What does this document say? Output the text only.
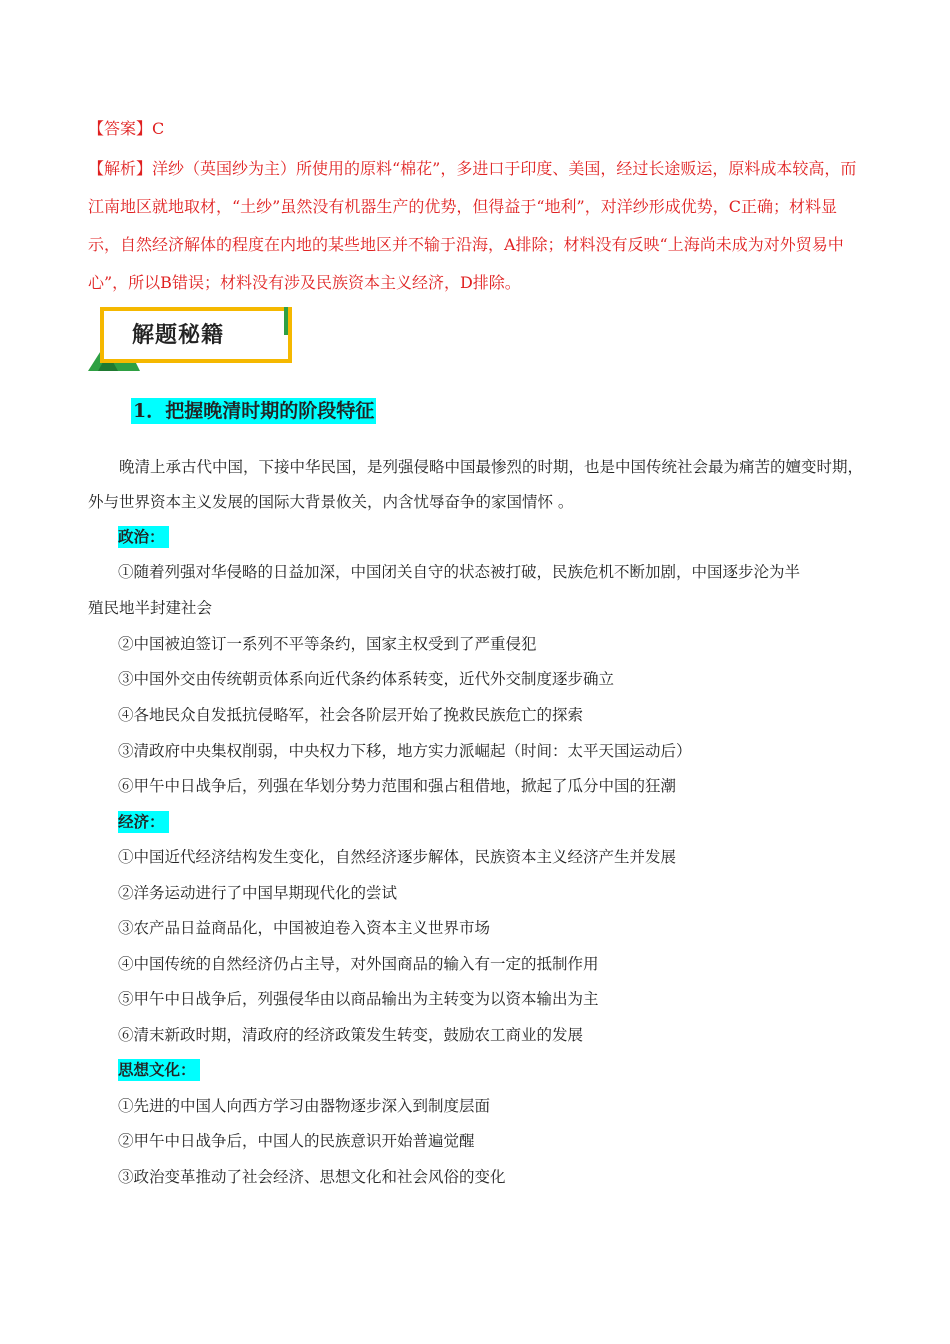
【答案】C

【解析】洋纱（英国纱为主）所使用的原料“棉花”，多进口于印度、美国，经过长途贩运，原料成本较高，而江南地区就地取材，“土纱”虽然没有机器生产的优势，但得益于“地利”，对洋纱形成优势，C正确；材料显示，自然经济解体的程度在内地的某些地区并不输于沿海，A排除；材料没有反映“上海尚未成为对外贸易中心”，所以B错误；材料没有涉及民族资本主义经济，D排除。

解题秘籍
1．把握晚清时期的阶段特征

晚清上承古代中国，下接中华民国，是列强侵略中国最惨烈的时期，也是中国传统社会最为痛苦的嬗变时期，外与世界资本主义发展的国际大背景攸关，内含忧辱奋争的家国情怀 。

政治：
①随着列强对华侵略的日益加深，中国闭关自守的状态被打破，民族危机不断加剧，中国逐步沦为半
殖民地半封建社会
②中国被迫签订一系列不平等条约，国家主权受到了严重侵犯
③中国外交由传统朝贡体系向近代条约体系转变，近代外交制度逐步确立
④各地民众自发抵抗侵略军，社会各阶层开始了挽救民族危亡的探索
③清政府中央集权削弱，中央权力下移，地方实力派崛起（时间：太平天国运动后）
⑥甲午中日战争后，列强在华划分势力范围和强占租借地，掀起了瓜分中国的狂潮
经济：
①中国近代经济结构发生变化，自然经济逐步解体，民族资本主义经济产生并发展
②洋务运动进行了中国早期现代化的尝试
③农产品日益商品化，中国被迫卷入资本主义世界市场
④中国传统的自然经济仍占主导，对外国商品的输入有一定的抵制作用
⑤甲午中日战争后，列强侵华由以商品输出为主转变为以资本输出为主
⑥清末新政时期，清政府的经济政策发生转变，鼓励农工商业的发展
思想文化：
①先进的中国人向西方学习由器物逐步深入到制度层面
②甲午中日战争后，中国人的民族意识开始普遍觉醒
③政治变革推动了社会经济、思想文化和社会风俗的变化
